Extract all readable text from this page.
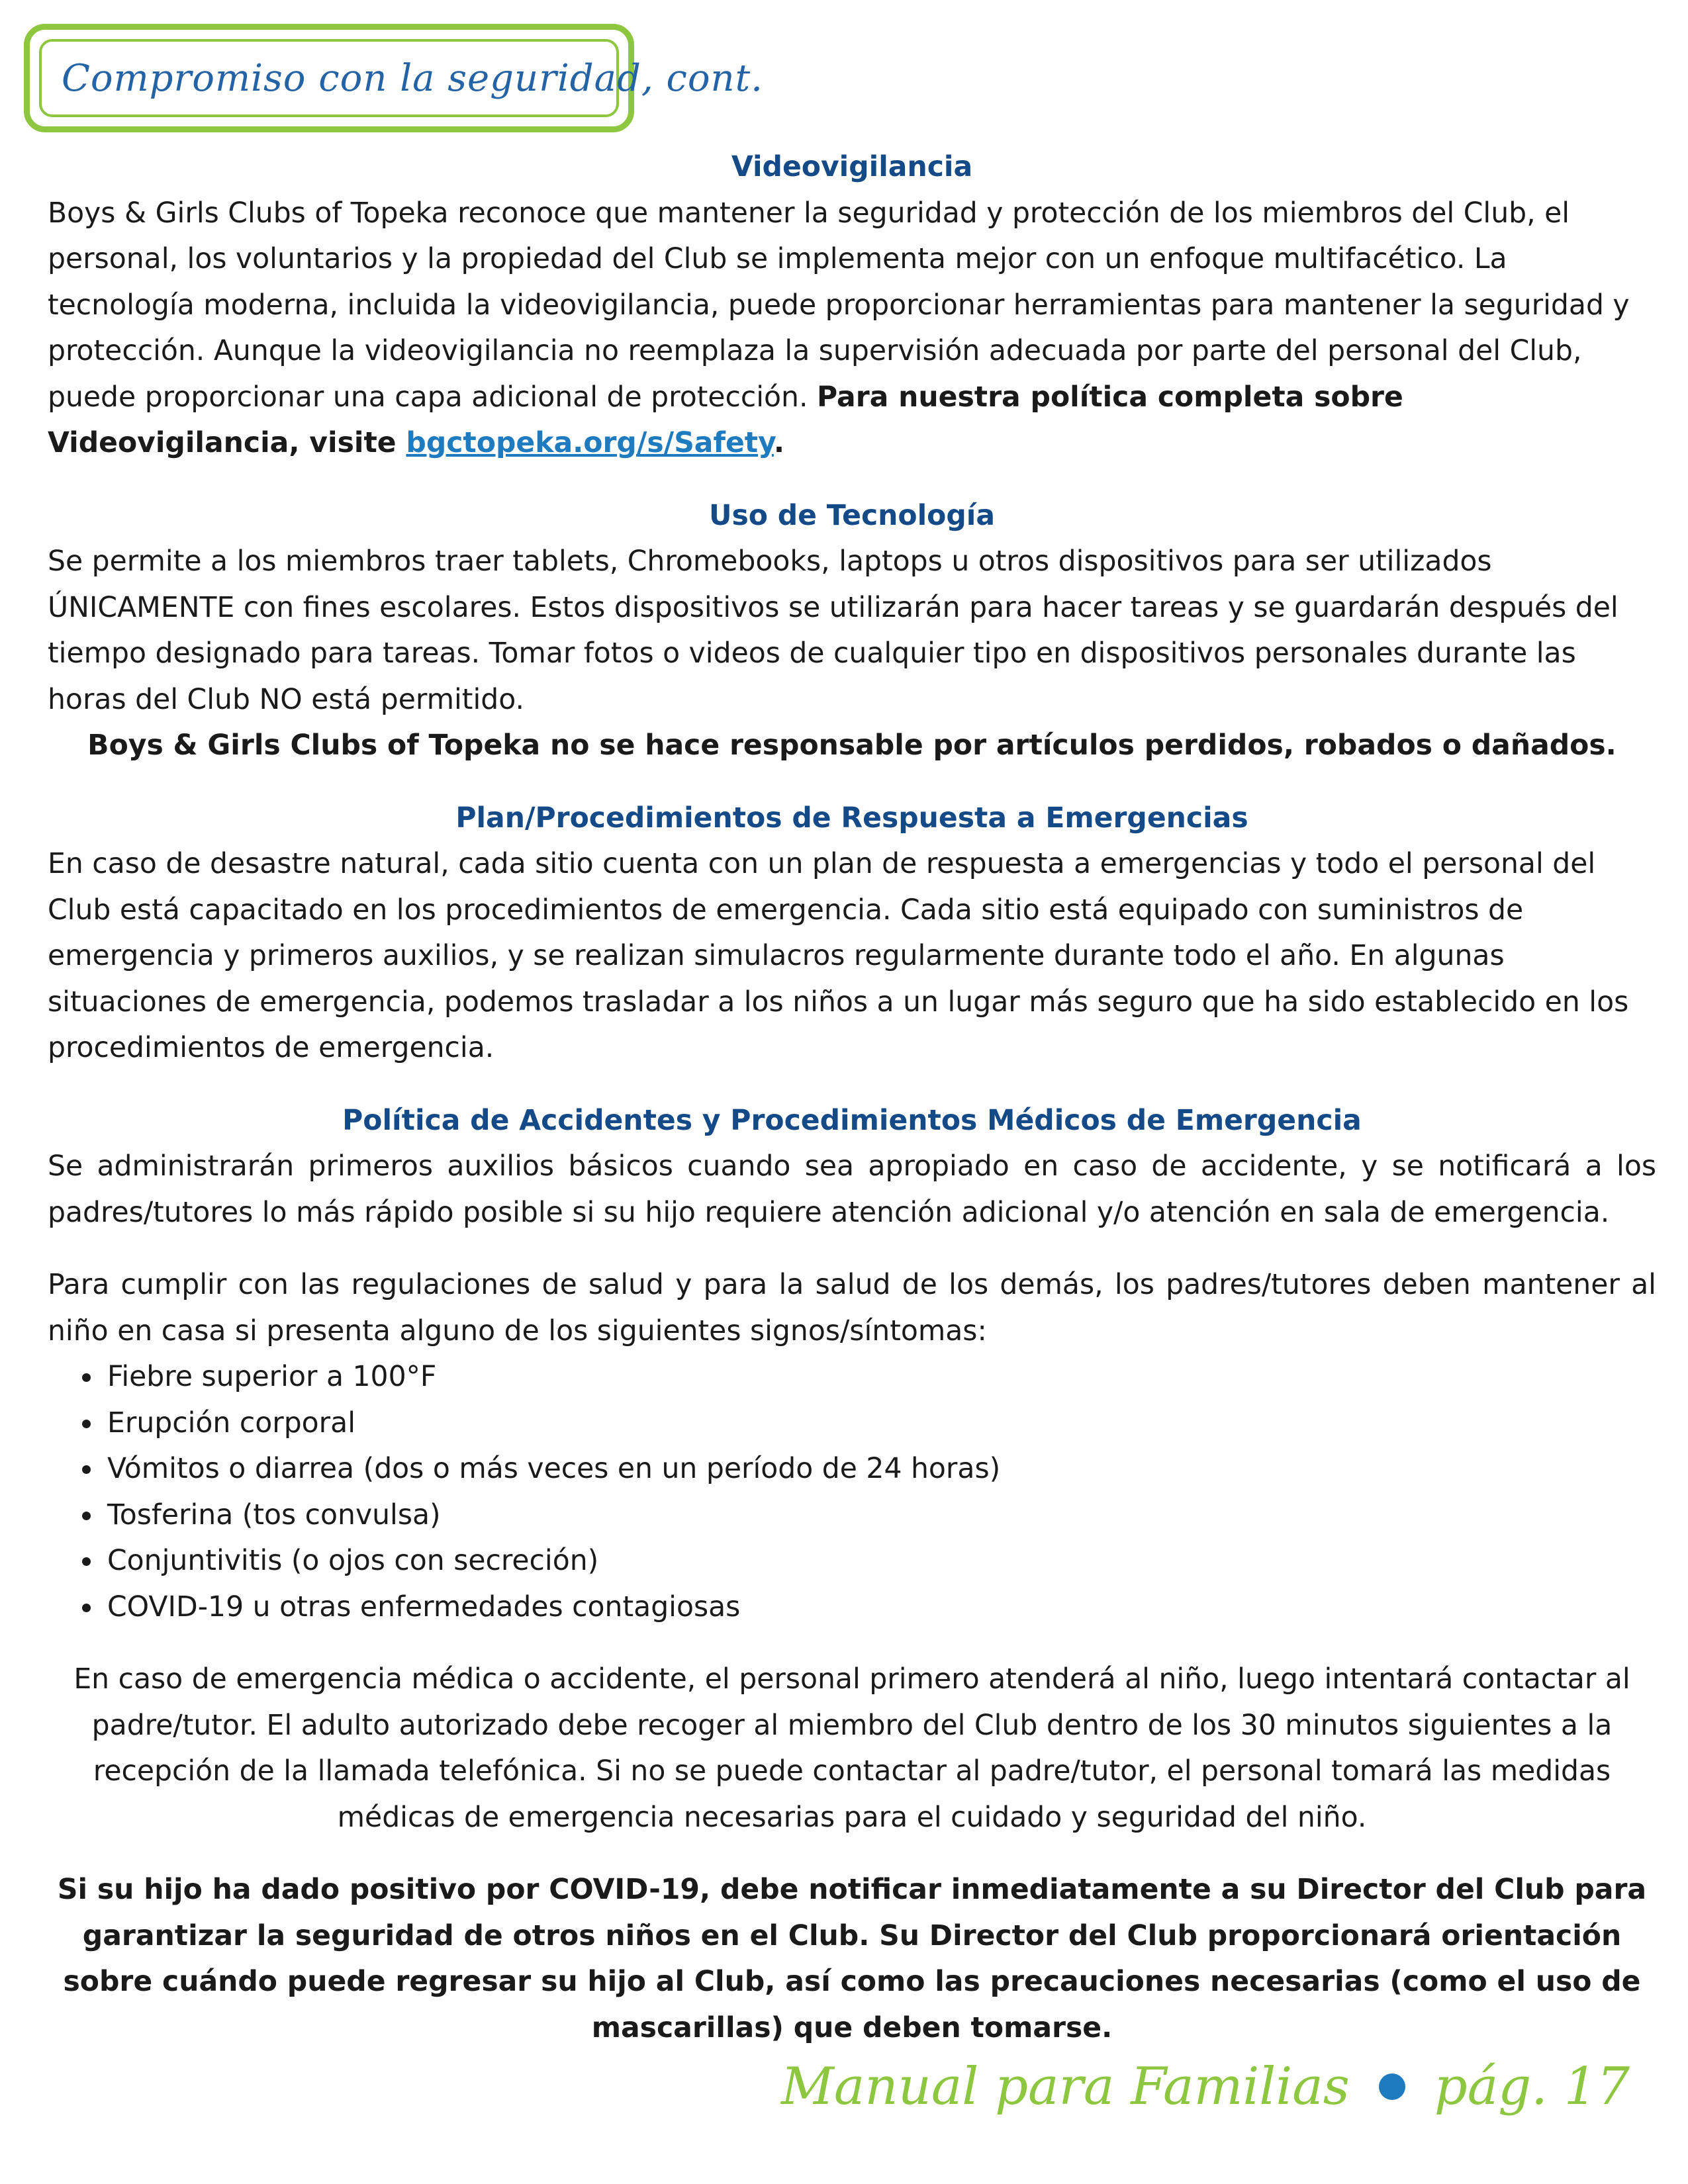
Compromiso con la seguridad, cont.
Videovigilancia

Boys & Girls Clubs of Topeka reconoce que mantener la seguridad y protección de los miembros del Club, el personal, los voluntarios y la propiedad del Club se implementa mejor con un enfoque multifacético. La tecnología moderna, incluida la videovigilancia, puede proporcionar herramientas para mantener la seguridad y protección. Aunque la videovigilancia no reemplaza la supervisión adecuada por parte del personal del Club, puede proporcionar una capa adicional de protección. Para nuestra política completa sobre Videovigilancia, visite bgctopeka.org/s/Safety.

Uso de Tecnología

Se permite a los miembros traer tablets, Chromebooks, laptops u otros dispositivos para ser utilizados ÚNICAMENTE con fines escolares. Estos dispositivos se utilizarán para hacer tareas y se guardarán después del tiempo designado para tareas. Tomar fotos o videos de cualquier tipo en dispositivos personales durante las horas del Club NO está permitido.

Boys & Girls Clubs of Topeka no se hace responsable por artículos perdidos, robados o dañados.

Plan/Procedimientos de Respuesta a Emergencias

En caso de desastre natural, cada sitio cuenta con un plan de respuesta a emergencias y todo el personal del Club está capacitado en los procedimientos de emergencia. Cada sitio está equipado con suministros de emergencia y primeros auxilios, y se realizan simulacros regularmente durante todo el año. En algunas situaciones de emergencia, podemos trasladar a los niños a un lugar más seguro que ha sido establecido en los procedimientos de emergencia.

Política de Accidentes y Procedimientos Médicos de Emergencia

Se administrarán primeros auxilios básicos cuando sea apropiado en caso de accidente, y se notificará a los padres/tutores lo más rápido posible si su hijo requiere atención adicional y/o atención en sala de emergencia.

Para cumplir con las regulaciones de salud y para la salud de los demás, los padres/tutores deben mantener al niño en casa si presenta alguno de los siguientes signos/síntomas:

• Fiebre superior a 100°F
• Erupción corporal
• Vómitos o diarrea (dos o más veces en un período de 24 horas)
• Tosferina (tos convulsa)
• Conjuntivitis (o ojos con secreción)
• COVID-19 u otras enfermedades contagiosas

En caso de emergencia médica o accidente, el personal primero atenderá al niño, luego intentará contactar al padre/tutor. El adulto autorizado debe recoger al miembro del Club dentro de los 30 minutos siguientes a la recepción de la llamada telefónica. Si no se puede contactar al padre/tutor, el personal tomará las medidas médicas de emergencia necesarias para el cuidado y seguridad del niño.

Si su hijo ha dado positivo por COVID-19, debe notificar inmediatamente a su Director del Club para garantizar la seguridad de otros niños en el Club. Su Director del Club proporcionará orientación sobre cuándo puede regresar su hijo al Club, así como las precauciones necesarias (como el uso de mascarillas) que deben tomarse.

Manual para Familias pág. 17
